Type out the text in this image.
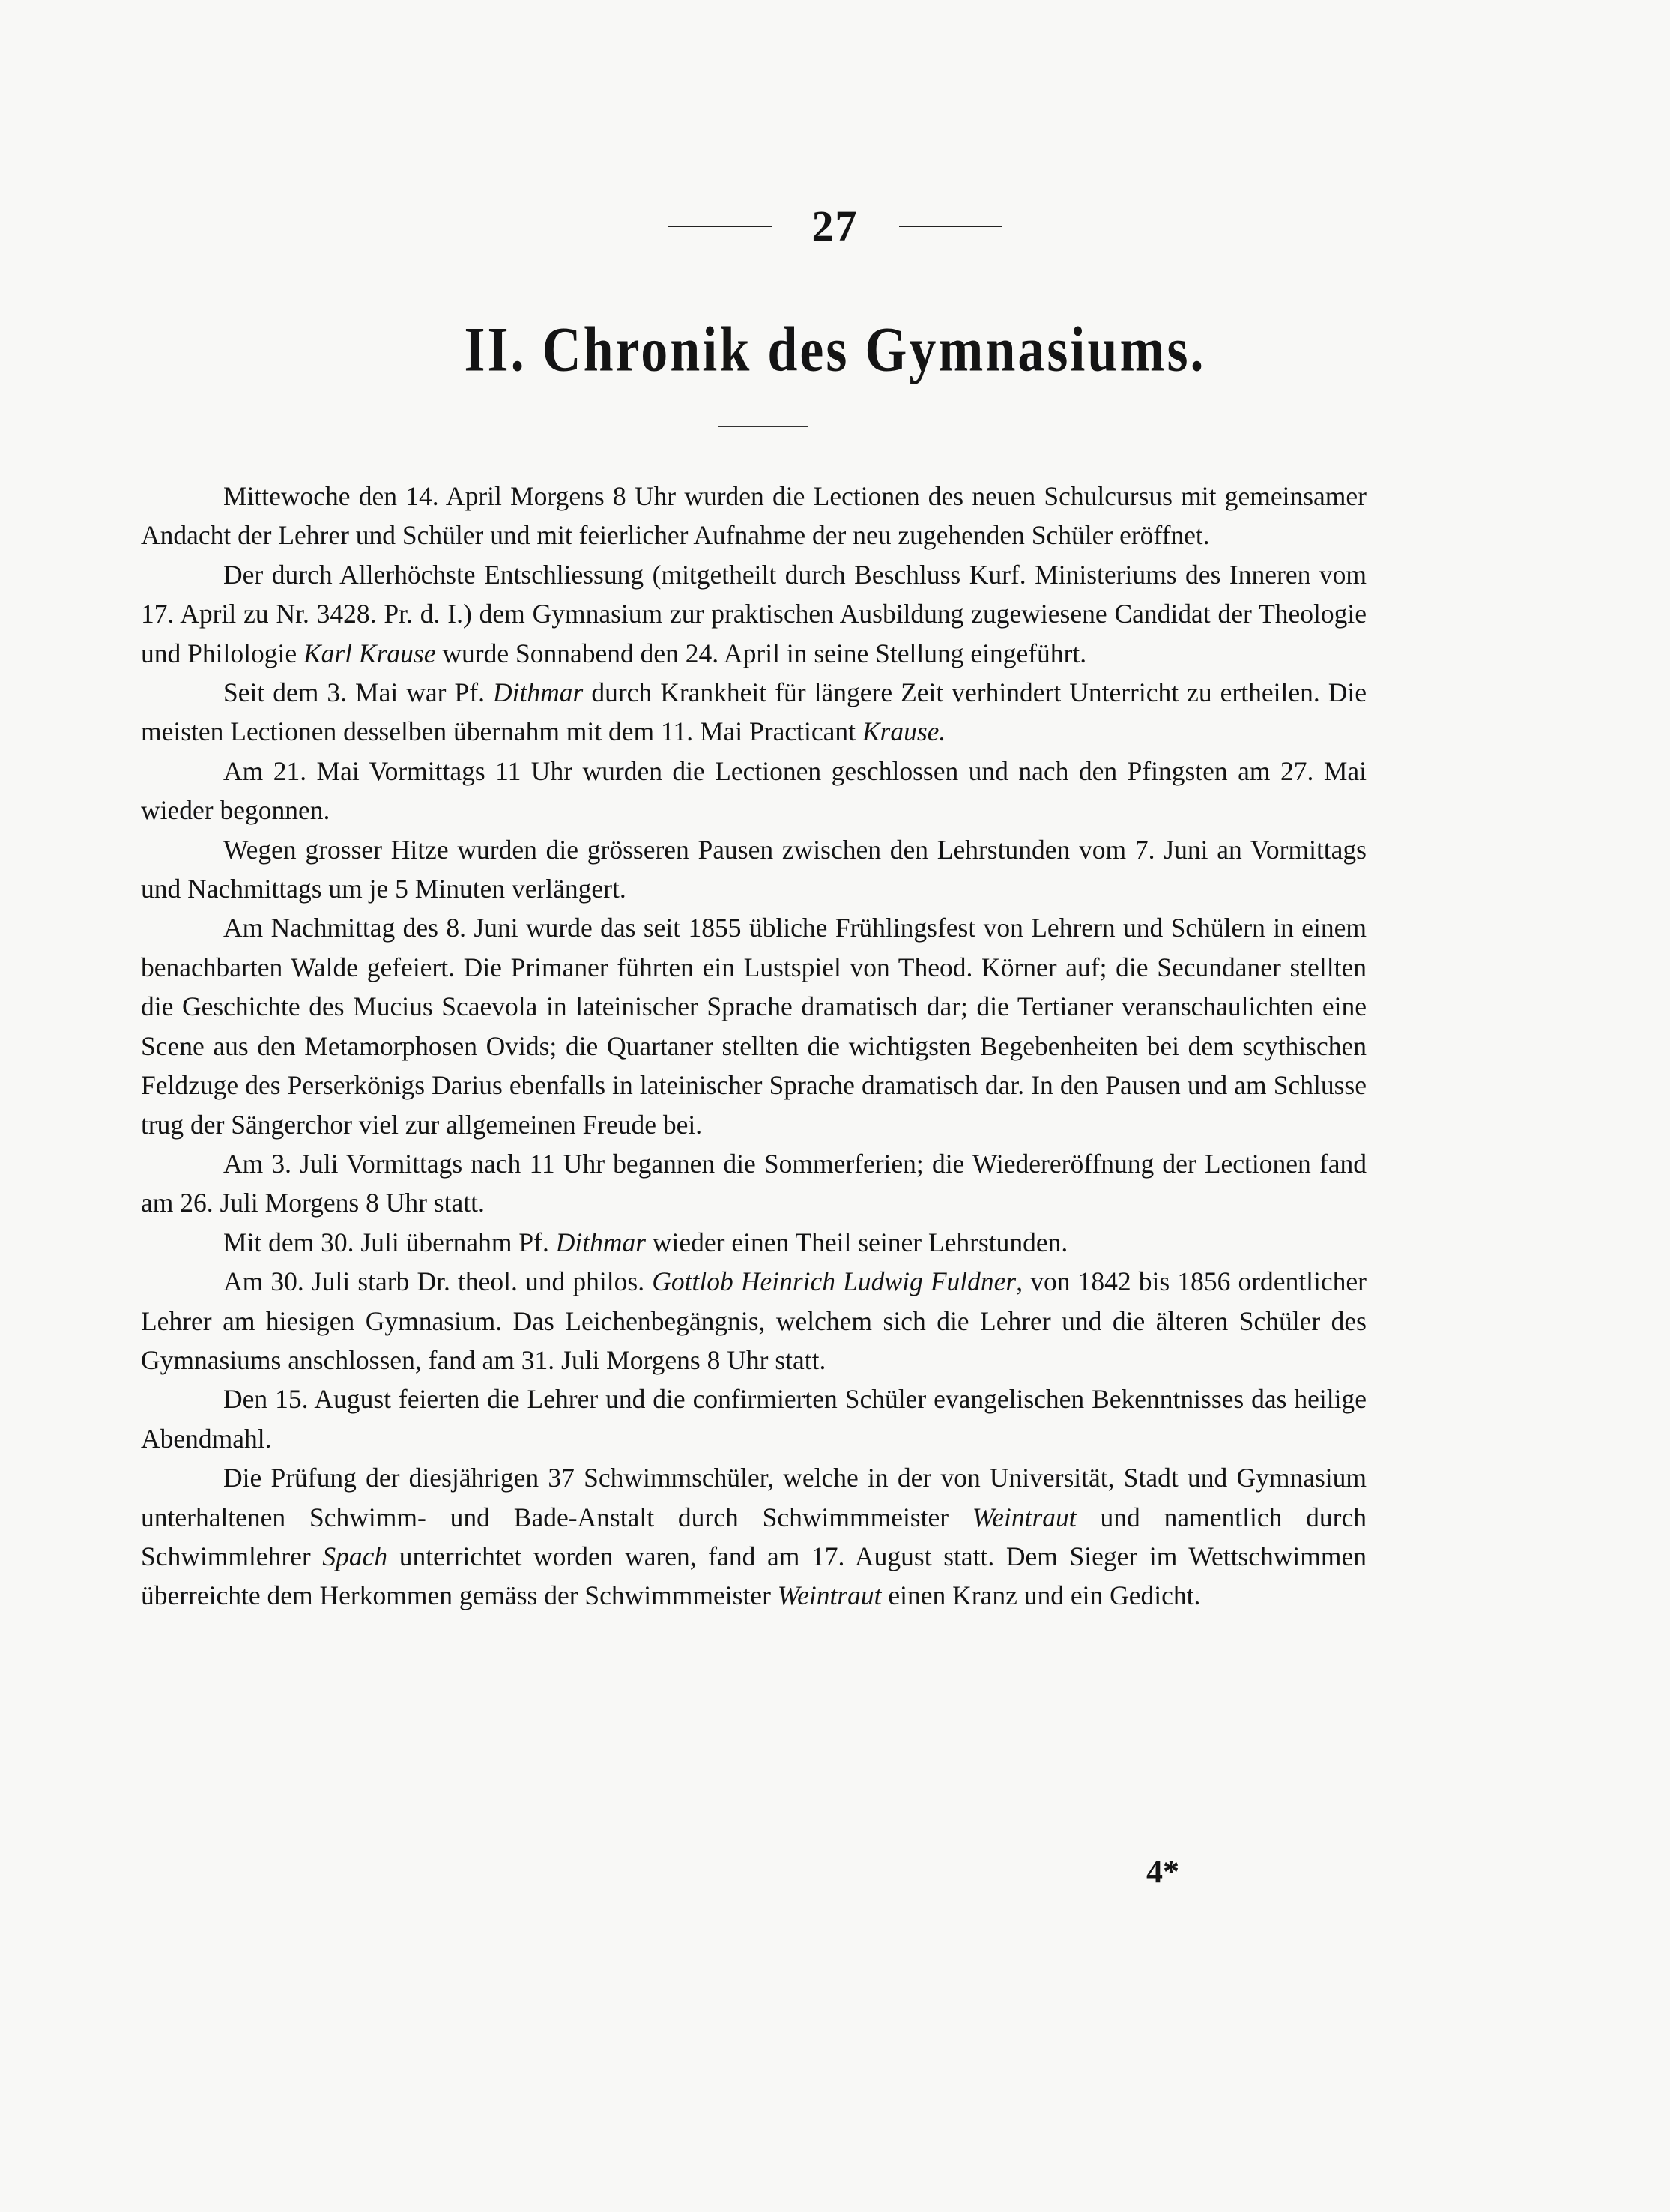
27
II. Chronik des Gymnasiums.

Mittewoche den 14. April Morgens 8 Uhr wurden die Lectionen des neuen Schulcursus mit gemeinsamer Andacht der Lehrer und Schüler und mit feierlicher Aufnahme der neu zugehenden Schüler eröffnet.

Der durch Allerhöchste Entschliessung (mitgetheilt durch Beschluss Kurf. Ministeriums des Inneren vom 17. April zu Nr. 3428. Pr. d. I.) dem Gymnasium zur praktischen Ausbildung zugewiesene Candidat der Theologie und Philologie Karl Krause wurde Sonnabend den 24. April in seine Stellung eingeführt.

Seit dem 3. Mai war Pf. Dithmar durch Krankheit für längere Zeit verhindert Unterricht zu ertheilen. Die meisten Lectionen desselben übernahm mit dem 11. Mai Practicant Krause.

Am 21. Mai Vormittags 11 Uhr wurden die Lectionen geschlossen und nach den Pfingsten am 27. Mai wieder begonnen.

Wegen grosser Hitze wurden die grösseren Pausen zwischen den Lehrstunden vom 7. Juni an Vormittags und Nachmittags um je 5 Minuten verlängert.

Am Nachmittag des 8. Juni wurde das seit 1855 übliche Frühlingsfest von Lehrern und Schülern in einem benachbarten Walde gefeiert. Die Primaner führten ein Lustspiel von Theod. Körner auf; die Secundaner stellten die Geschichte des Mucius Scaevola in lateinischer Sprache dramatisch dar; die Tertianer veranschaulichten eine Scene aus den Metamorphosen Ovids; die Quartaner stellten die wichtigsten Begebenheiten bei dem scythischen Feldzuge des Perserkönigs Darius ebenfalls in lateinischer Sprache dramatisch dar. In den Pausen und am Schlusse trug der Sängerchor viel zur allgemeinen Freude bei.

Am 3. Juli Vormittags nach 11 Uhr begannen die Sommerferien; die Wiedereröffnung der Lectionen fand am 26. Juli Morgens 8 Uhr statt.

Mit dem 30. Juli übernahm Pf. Dithmar wieder einen Theil seiner Lehrstunden.

Am 30. Juli starb Dr. theol. und philos. Gottlob Heinrich Ludwig Fuldner, von 1842 bis 1856 ordentlicher Lehrer am hiesigen Gymnasium. Das Leichenbegängnis, welchem sich die Lehrer und die älteren Schüler des Gymnasiums anschlossen, fand am 31. Juli Morgens 8 Uhr statt.

Den 15. August feierten die Lehrer und die confirmierten Schüler evangelischen Bekenntnisses das heilige Abendmahl.

Die Prüfung der diesjährigen 37 Schwimmschüler, welche in der von Universität, Stadt und Gymnasium unterhaltenen Schwimm- und Bade-Anstalt durch Schwimmmeister Weintraut und namentlich durch Schwimmlehrer Spach unterrichtet worden waren, fand am 17. August statt. Dem Sieger im Wettschwimmen überreichte dem Herkommen gemäss der Schwimmmeister Weintraut einen Kranz und ein Gedicht.

4*
